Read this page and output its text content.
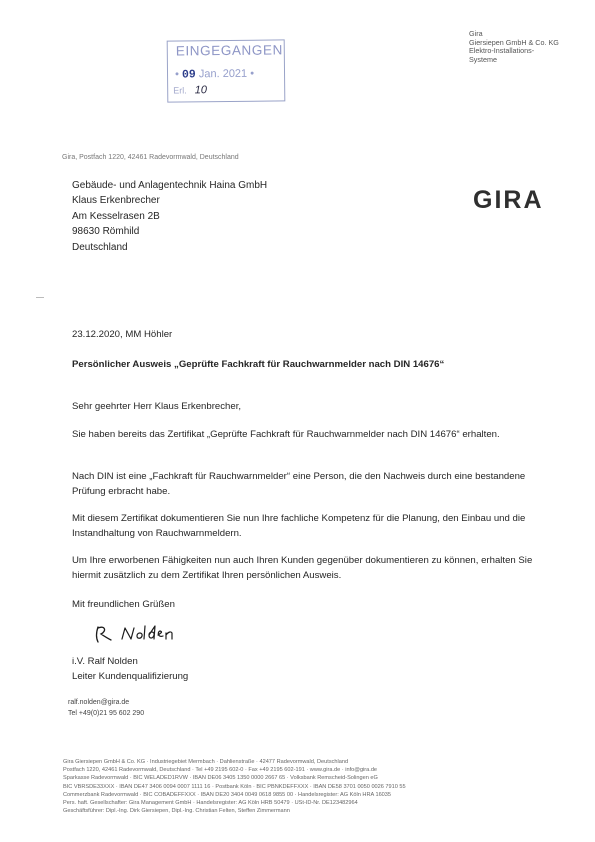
EINGEGANGEN
• 09 Jan. 2021 •
Erl. 10
Gira
Giersiepen GmbH & Co. KG
Elektro-Installations-
Systeme
Gira, Postfach 1220, 42461 Radevormwald, Deutschland
Gebäude- und Anlagentechnik Haina GmbH
Klaus Erkenbrecher
Am Kesselrasen 2B
98630 Römhild
Deutschland
GIRA
23.12.2020, MM Höhler
Persönlicher Ausweis „Geprüfte Fachkraft für Rauchwarnmelder nach DIN 14676“
Sehr geehrter Herr Klaus Erkenbrecher,
Sie haben bereits das Zertifikat „Geprüfte Fachkraft für Rauchwarnmelder nach DIN 14676“ erhalten.
Nach DIN ist eine „Fachkraft für Rauchwarnmelder“ eine Person, die den Nachweis durch eine bestandene Prüfung erbracht habe.
Mit diesem Zertifikat dokumentieren Sie nun Ihre fachliche Kompetenz für die Planung, den Einbau und die Instandhaltung von Rauchwarnmeldern.
Um Ihre erworbenen Fähigkeiten nun auch Ihren Kunden gegenüber dokumentieren zu können, erhalten Sie hiermit zusätzlich zu dem Zertifikat Ihren persönlichen Ausweis.
Mit freundlichen Grüßen
i.V. Ralf Nolden
Leiter Kundenqualifizierung
ralf.nolden@gira.de
Tel +49(0)21 95 602 290
Gira Giersiepen GmbH & Co. KG · Industriegebiet Mermbach · Dahlienstraße · 42477 Radevormwald, Deutschland
Postfach 1220, 42461 Radevormwald, Deutschland · Tel +49 2195 602-0 · Fax +49 2195 602-191 · www.gira.de · info@gira.de
Sparkasse Radevormwald · BIC WELADED1RVW · IBAN DE06 3405 1350 0000 2667 65 · Volksbank Remscheid-Solingen eG
BIC VBRSDE33XXX · IBAN DE47 3406 0094 0007 1111 16 · Postbank Köln · BIC PBNKDEFFXXX · IBAN DE58 3701 0050 0026 7910 55
Commerzbank Radevormwald · BIC COBADEFFXXX · IBAN DE20 3404 0049 0618 9855 00 · Handelsregister: AG Köln HRA 16035
Pers. haft. Gesellschafter: Gira Management GmbH · Handelsregister: AG Köln HRB 50479 · USt-ID-Nr. DE123482964
Geschäftsführer: Dipl.-Ing. Dirk Giersiepen, Dipl.-Ing. Christian Felten, Steffen Zimmermann
